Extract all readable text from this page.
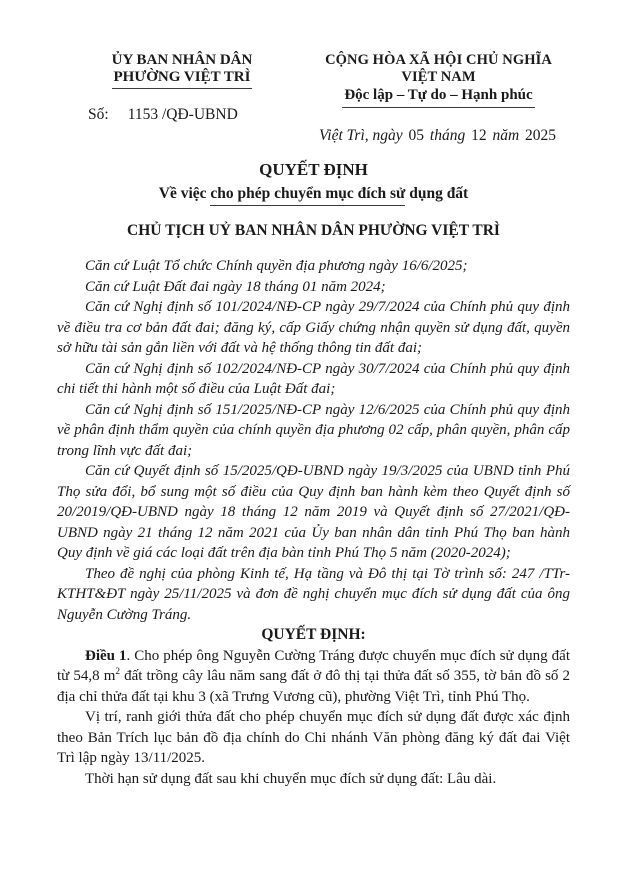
ỦY BAN NHÂN DÂN
PHƯỜNG VIỆT TRÌ
Số: 1153 /QĐ-UBND
CỘNG HÒA XÃ HỘI CHỦ NGHĨA VIỆT NAM
Độc lập – Tự do – Hạnh phúc
Việt Trì, ngày 05 tháng 12 năm 2025
QUYẾT ĐỊNH
Về việc cho phép chuyển mục đích sử dụng đất
CHỦ TỊCH UỶ BAN NHÂN DÂN PHƯỜNG VIỆT TRÌ

Căn cứ Luật Tổ chức Chính quyền địa phương ngày 16/6/2025;

Căn cứ Luật Đất đai ngày 18 tháng 01 năm 2024;

Căn cứ Nghị định số 101/2024/NĐ-CP ngày 29/7/2024 của Chính phủ quy định về điều tra cơ bản đất đai; đăng ký, cấp Giấy chứng nhận quyền sử dụng đất, quyền sở hữu tài sản gắn liền với đất và hệ thống thông tin đất đai;

Căn cứ Nghị định số 102/2024/NĐ-CP ngày 30/7/2024 của Chính phủ quy định chi tiết thi hành một số điều của Luật Đất đai;

Căn cứ Nghị định số 151/2025/NĐ-CP ngày 12/6/2025 của Chính phủ quy định về phân định thẩm quyền của chính quyền địa phương 02 cấp, phân quyền, phân cấp trong lĩnh vực đất đai;

Căn cứ Quyết định số 15/2025/QĐ-UBND ngày 19/3/2025 của UBND tỉnh Phú Thọ sửa đổi, bổ sung một số điều của Quy định ban hành kèm theo Quyết định số 20/2019/QĐ-UBND ngày 18 tháng 12 năm 2019 và Quyết định số 27/2021/QĐ-UBND ngày 21 tháng 12 năm 2021 của Ủy ban nhân dân tỉnh Phú Thọ ban hành Quy định về giá các loại đất trên địa bàn tỉnh Phú Thọ 5 năm (2020-2024);

Theo đề nghị của phòng Kinh tế, Hạ tầng và Đô thị tại Tờ trình số: 247 /TTr-KTHT&ĐT ngày 25/11/2025 và đơn đề nghị chuyển mục đích sử dụng đất của ông Nguyễn Cường Tráng.

QUYẾT ĐỊNH:

Điều 1. Cho phép ông Nguyễn Cường Tráng được chuyển mục đích sử dụng đất từ 54,8 $m^2$ đất trồng cây lâu năm sang đất ở đô thị tại thửa đất số 355, tờ bản đồ số 2 địa chỉ thửa đất tại khu 3 (xã Trưng Vương cũ), phường Việt Trì, tỉnh Phú Thọ.

Vị trí, ranh giới thửa đất cho phép chuyển mục đích sử dụng đất được xác định theo Bản Trích lục bản đồ địa chính do Chi nhánh Văn phòng đăng ký đất đai Việt Trì lập ngày 13/11/2025.

Thời hạn sử dụng đất sau khi chuyển mục đích sử dụng đất: Lâu dài.
